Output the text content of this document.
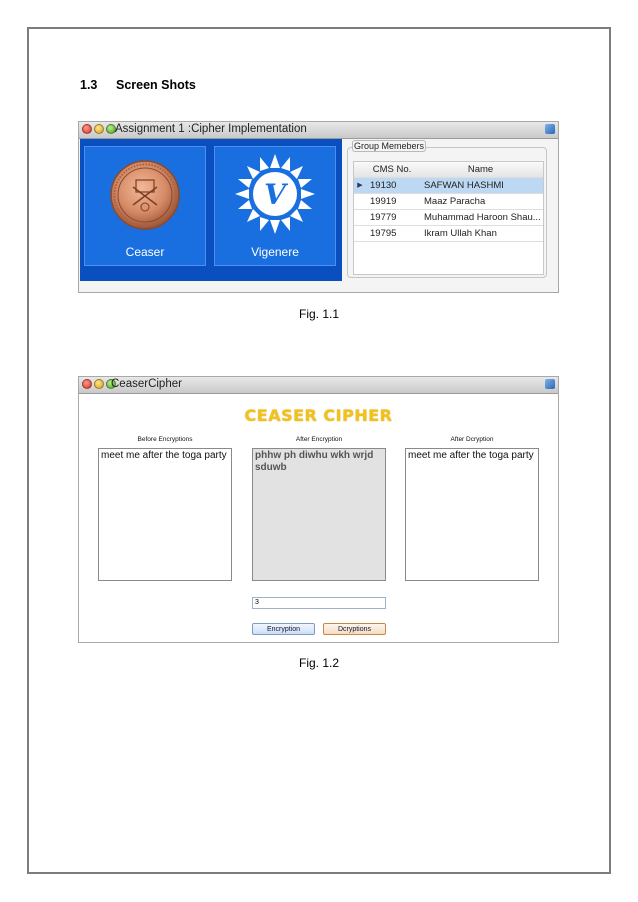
1.3 Screen Shots
Assignment 1 :Cipher Implementation
Ceaser
V
Vigenere
Group Memebers
CMS No.	Name
▶ 19130	SAFWAN HASHMI
19919	Maaz Paracha
19779	Muhammad Haroon Shau...
19795	Ikram Ullah Khan
Fig. 1.1
CeaserCipher
CEASER CIPHER
Before Encryptions	After Encryption	After Dcryption
meet me after the toga party	phhw ph diwhu wkh wrjd sduwb
meet me after the toga party
3
Encryption	Dcryptions
Fig. 1.2
